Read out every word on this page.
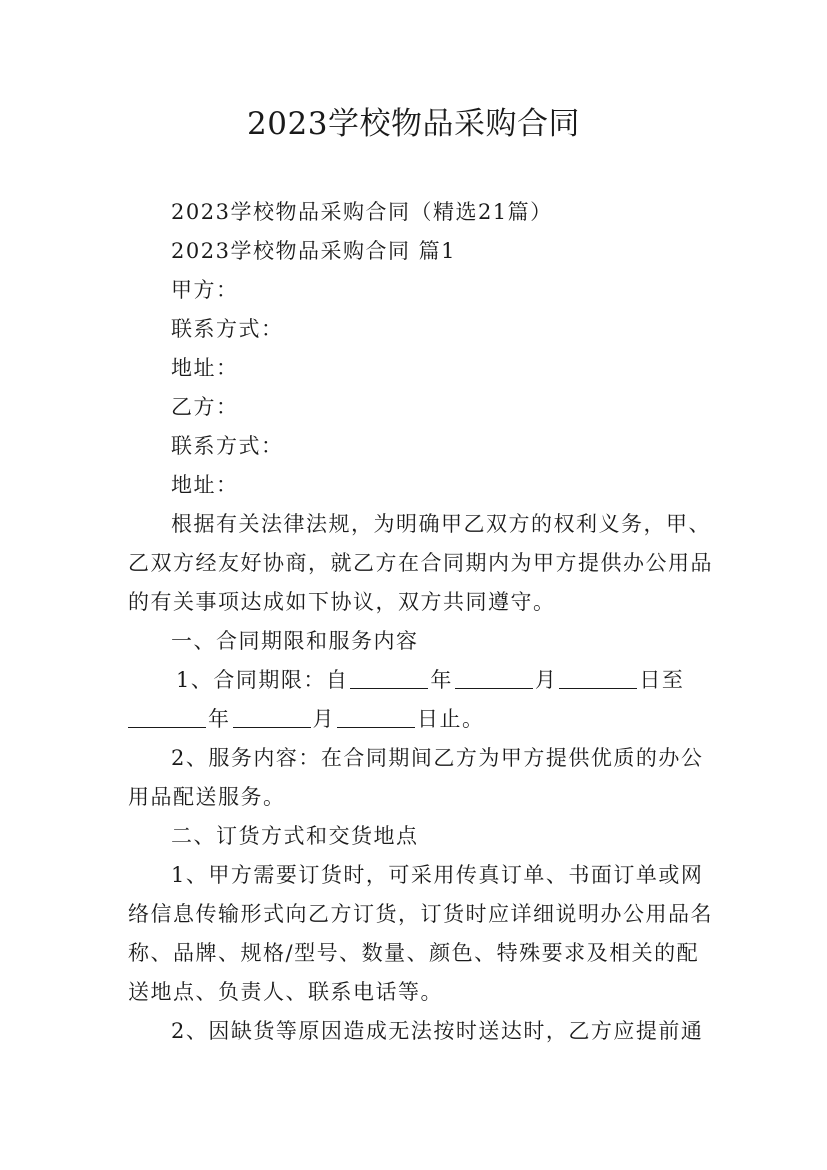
2023学校物品采购合同

2023学校物品采购合同（精选21篇）

2023学校物品采购合同 篇1

甲方：

联系方式：

地址：

乙方：

联系方式：

地址：

根据有关法律法规，为明确甲乙双方的权利义务，甲、

乙双方经友好协商，就乙方在合同期内为甲方提供办公用品

的有关事项达成如下协议，双方共同遵守。

一、合同期限和服务内容

1、合同期限：自	年	月	日至

年	月	日止。

2、服务内容：在合同期间乙方为甲方提供优质的办公

用品配送服务。

二、订货方式和交货地点

1、甲方需要订货时，可采用传真订单、书面订单或网

络信息传输形式向乙方订货，订货时应详细说明办公用品名

称、品牌、规格/型号、数量、颜色、特殊要求及相关的配

送地点、负责人、联系电话等。

2、因缺货等原因造成无法按时送达时，乙方应提前通
